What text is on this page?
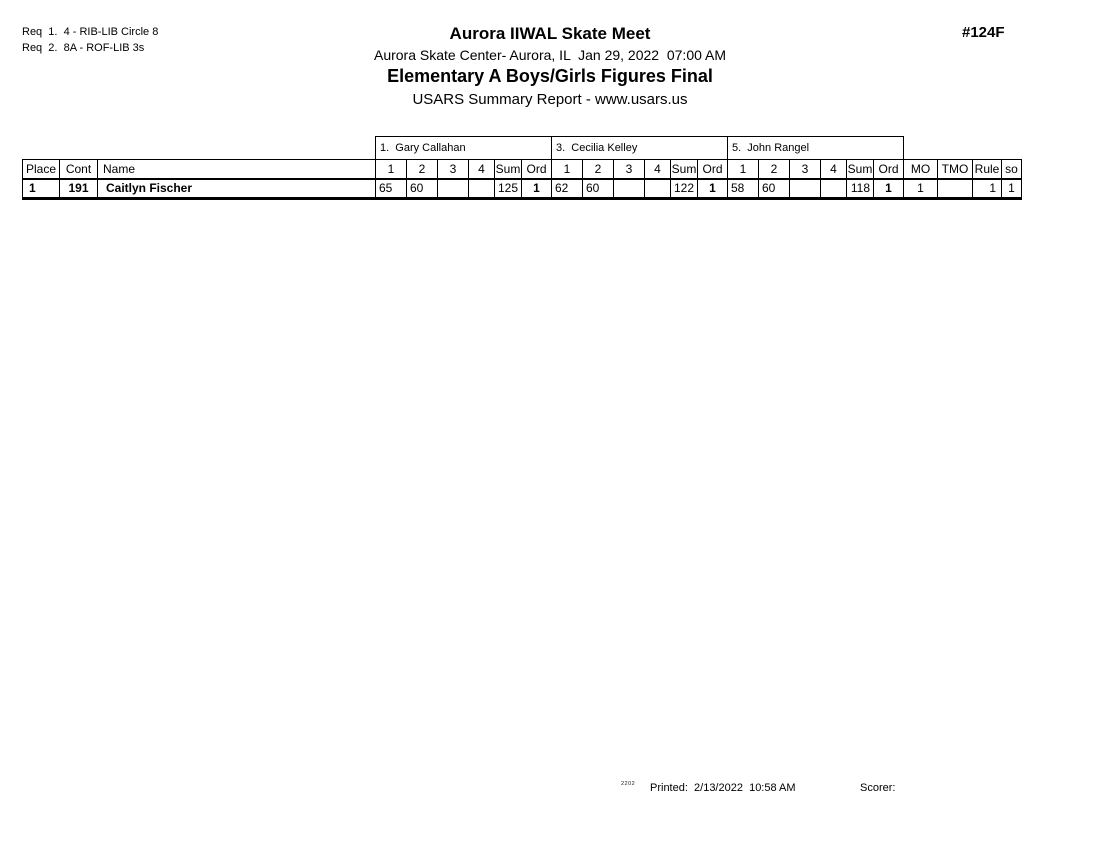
Req  1.  4 - RIB-LIB Circle 8
Req  2.  8A - ROF-LIB 3s
Aurora IIWAL Skate Meet
Aurora Skate Center- Aurora, IL  Jan 29, 2022  07:00 AM
Elementary A Boys/Girls Figures Final
USARS Summary Report - www.usars.us
#124F
			1.  Gary Callahan						3.  Cecilia Kelley						5.  John Rangel									
Place	Cont	Name	1	2	3	4	Sum	Ord	1	2	3	4	Sum	Ord	1	2	3	4	Sum	Ord	MO	TMO	Rule	so
1	191	Caitlyn Fischer	65	60			125	1	62	60			122	1	58	60			118	1	1		1	1
2202 Printed:  2/13/2022  10:58 AM	Scorer:
